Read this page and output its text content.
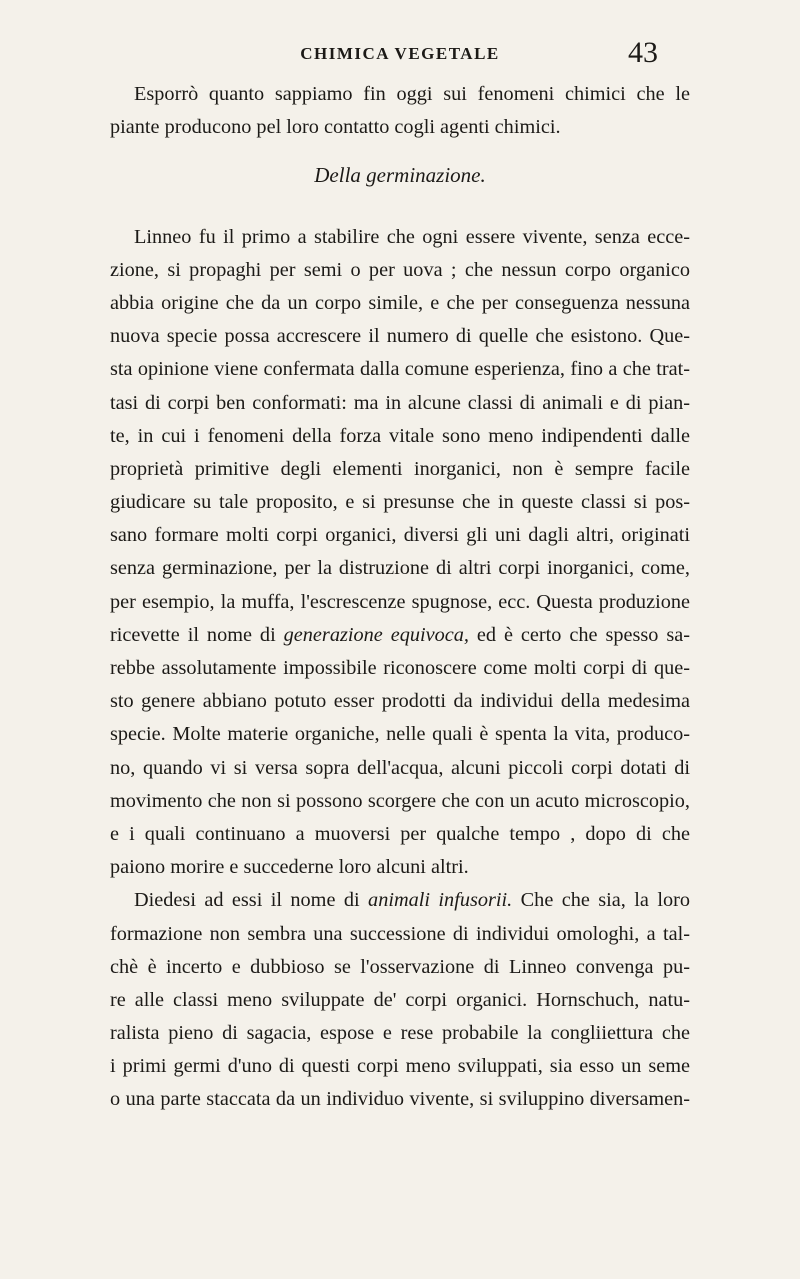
CHIMICA VEGETALE	43
Esporrò quanto sappiamo fin oggi sui fenomeni chimici che le
piante producono pel loro contatto cogli agenti chimici.
Della germinazione.
Linneo fu il primo a stabilire che ogni essere vivente, senza ecce-
zione, si propaghi per semi o per uova ; che nessun corpo organico
abbia origine che da un corpo simile, e che per conseguenza nessuna
nuova specie possa accrescere il numero di quelle che esistono. Que-
sta opinione viene confermata dalla comune esperienza, fino a che trat-
tasi di corpi ben conformati: ma in alcune classi di animali e di pian-
te, in cui i fenomeni della forza vitale sono meno indipendenti dalle
proprietà primitive degli elementi inorganici, non è sempre facile
giudicare su tale proposito, e si presunse che in queste classi si pos-
sano formare molti corpi organici, diversi gli uni dagli altri, originati
senza germinazione, per la distruzione di altri corpi inorganici, come,
per esempio, la muffa, l'escrescenze spugnose, ecc. Questa produzione
ricevette il nome di generazione equivoca, ed è certo che spesso sa-
rebbe assolutamente impossibile riconoscere come molti corpi di que-
sto genere abbiano potuto esser prodotti da individui della medesima
specie. Molte materie organiche, nelle quali è spenta la vita, produco-
no, quando vi si versa sopra dell'acqua, alcuni piccoli corpi dotati di
movimento che non si possono scorgere che con un acuto microscopio,
e i quali continuano a muoversi per qualche tempo , dopo di che
paiono morire e succederne loro alcuni altri.
Diedesi ad essi il nome di animali infusorii. Che che sia, la loro
formazione non sembra una successione di individui omologhi, a tal-
chè è incerto e dubbioso se l'osservazione di Linneo convenga pu-
re alle classi meno sviluppate de' corpi organici. Hornschuch, natu-
ralista pieno di sagacia, espose e rese probabile la congliiettura che
i primi germi d'uno di questi corpi meno sviluppati, sia esso un seme
o una parte staccata da un individuo vivente, si sviluppino diversamen-
